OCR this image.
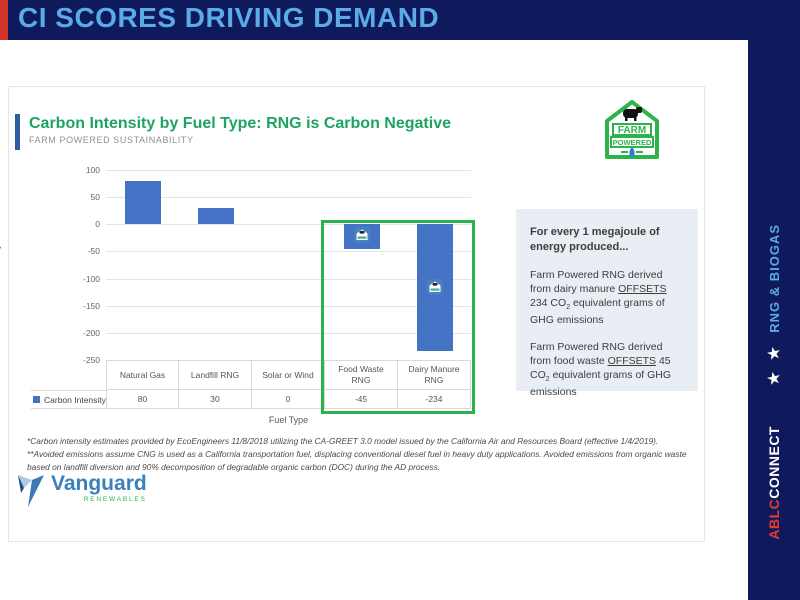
CI SCORES DRIVING DEMAND
RNG & BIOGAS
★
★
ABLCCONNECT
Carbon Intensity by Fuel Type: RNG is Carbon Negative
FARM POWERED SUSTAINABILITY
FARM
POWERED
100
50
0
-50
-100
-150
-200
-250
Natural Gas
80
Landfill RNG
30
Solar or Wind
0
Food Waste RNG
-45
Dairy Manure RNG
-234
Carbon Intensity
Fuel Type

For every 1 megajoule of energy produced...

Farm Powered RNG derived from dairy manure OFFSETS 234 $CO_2$ equivalent grams of GHG emissions

Farm Powered RNG derived from food waste OFFSETS 45 $CO_2$ equivalent grams of GHG emissions

*Carbon intensity estimates provided by EcoEngineers 11/8/2018 utilizing the CA-GREET 3.0 model issued by the California Air and Resources Board (effective 1/4/2019). **Avoided emissions assume CNG is used as a California transportation fuel, displacing conventional diesel fuel in heavy duty applications. Avoided emissions from organic waste based on landfill diversion and 90% decomposition of degradable organic carbon (DOC) during the AD process.
Vanguard
RENEWABLES
